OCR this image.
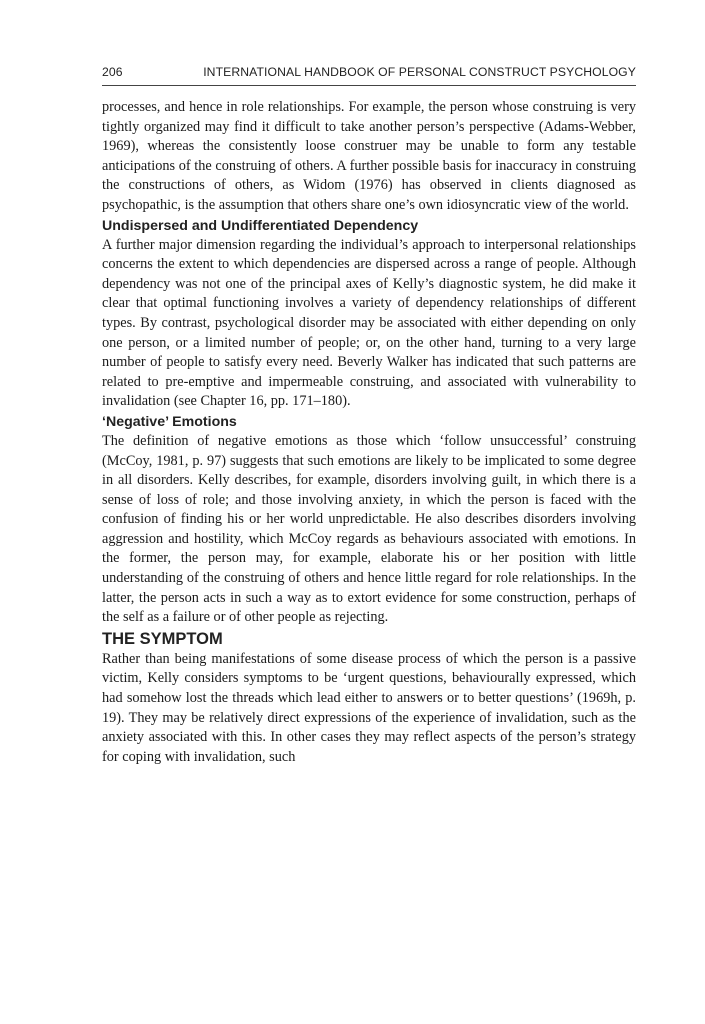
206	INTERNATIONAL HANDBOOK OF PERSONAL CONSTRUCT PSYCHOLOGY

processes, and hence in role relationships. For example, the person whose construing is very tightly organized may find it difficult to take another person’s perspective (Adams-Webber, 1969), whereas the consistently loose construer may be unable to form any testable anticipations of the construing of others. A further possible basis for inaccuracy in construing the constructions of others, as Widom (1976) has observed in clients diagnosed as psychopathic, is the assumption that others share one’s own idiosyncratic view of the world.

Undispersed and Undifferentiated Dependency

A further major dimension regarding the individual’s approach to interpersonal relationships concerns the extent to which dependencies are dispersed across a range of people. Although dependency was not one of the principal axes of Kelly’s diagnostic system, he did make it clear that optimal functioning involves a variety of dependency relationships of different types. By contrast, psychological disorder may be associated with either depending on only one person, or a limited number of people; or, on the other hand, turning to a very large number of people to satisfy every need. Beverly Walker has indicated that such patterns are related to pre-emptive and impermeable construing, and associated with vulnerability to invalidation (see Chapter 16, pp. 171–180).

‘Negative’ Emotions

The definition of negative emotions as those which ‘follow unsuccessful’ construing (McCoy, 1981, p. 97) suggests that such emotions are likely to be implicated to some degree in all disorders. Kelly describes, for example, disorders involving guilt, in which there is a sense of loss of role; and those involving anxiety, in which the person is faced with the confusion of finding his or her world unpredictable. He also describes disorders involving aggression and hostility, which McCoy regards as behaviours associated with emotions. In the former, the person may, for example, elaborate his or her position with little understanding of the construing of others and hence little regard for role relationships. In the latter, the person acts in such a way as to extort evidence for some construction, perhaps of the self as a failure or of other people as rejecting.

THE SYMPTOM

Rather than being manifestations of some disease process of which the person is a passive victim, Kelly considers symptoms to be ‘urgent questions, behaviourally expressed, which had somehow lost the threads which lead either to answers or to better questions’ (1969h, p. 19). They may be relatively direct expressions of the experience of invalidation, such as the anxiety associated with this. In other cases they may reflect aspects of the person’s strategy for coping with invalidation, such
